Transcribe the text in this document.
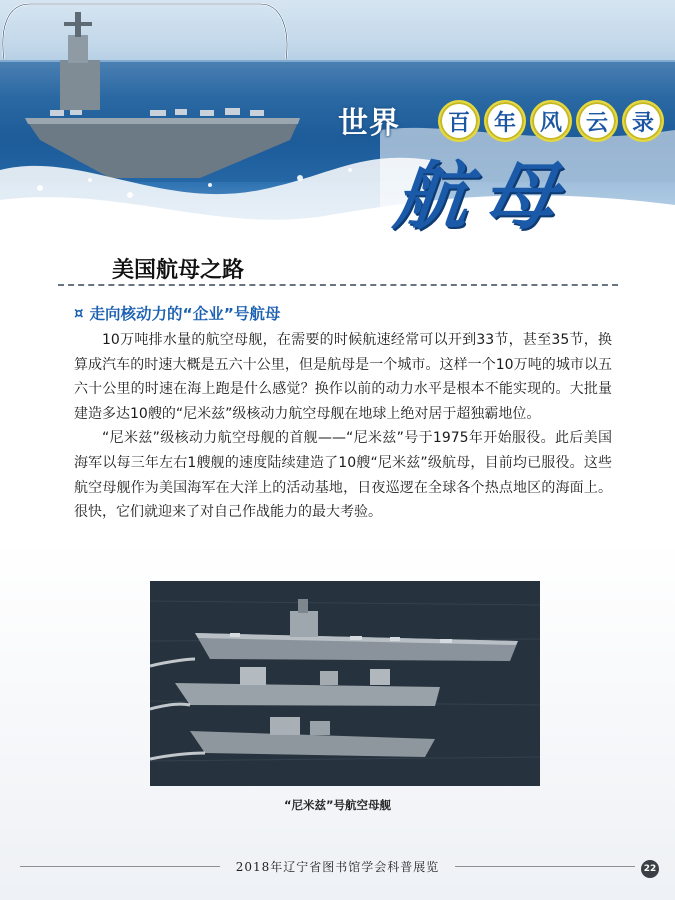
世界	百	年	风	云	录
航母
美国航母之路
¤ 走向核动力的“企业”号航母

10万吨排水量的航空母舰，在需要的时候航速经常可以开到33节，甚至35节，换算成汽车的时速大概是五六十公里，但是航母是一个城市。这样一个10万吨的城市以五六十公里的时速在海上跑是什么感觉？换作以前的动力水平是根本不能实现的。大批量建造多达10艘的“尼米兹”级核动力航空母舰在地球上绝对居于超独霸地位。

“尼米兹”级核动力航空母舰的首舰——“尼米兹”号于1975年开始服役。此后美国海军以每三年左右1艘舰的速度陆续建造了10艘“尼米兹”级航母，目前均已服役。这些航空母舰作为美国海军在大洋上的活动基地，日夜巡逻在全球各个热点地区的海面上。很快，它们就迎来了对自己作战能力的最大考验。

“尼米兹”号航空母舰
2018年辽宁省图书馆学会科普展览	22
